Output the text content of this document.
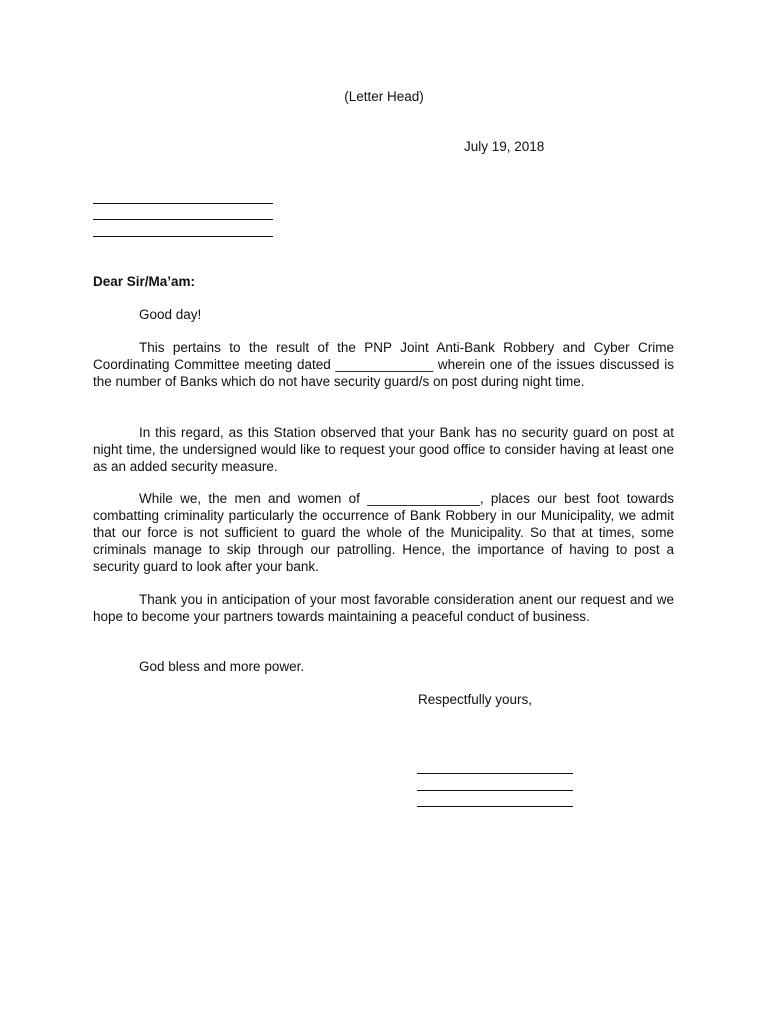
(Letter Head)
July 19, 2018
Dear Sir/Ma’am:

Good day!

This pertains to the result of the PNP Joint Anti-Bank Robbery and Cyber Crime Coordinating Committee meeting dated _____________ wherein one of the issues discussed is the number of Banks which do not have security guard/s on post during night time.

In this regard, as this Station observed that your Bank has no security guard on post at night time, the undersigned would like to request your good office to consider having at least one as an added security measure.

While we, the men and women of _______________, places our best foot towards combatting criminality particularly the occurrence of Bank Robbery in our Municipality, we admit that our force is not sufficient to guard the whole of the Municipality. So that at times, some criminals manage to skip through our patrolling. Hence, the importance of having to post a security guard to look after your bank.

Thank you in anticipation of your most favorable consideration anent our request and we hope to become your partners towards maintaining a peaceful conduct of business.

God bless and more power.

Respectfully yours,
